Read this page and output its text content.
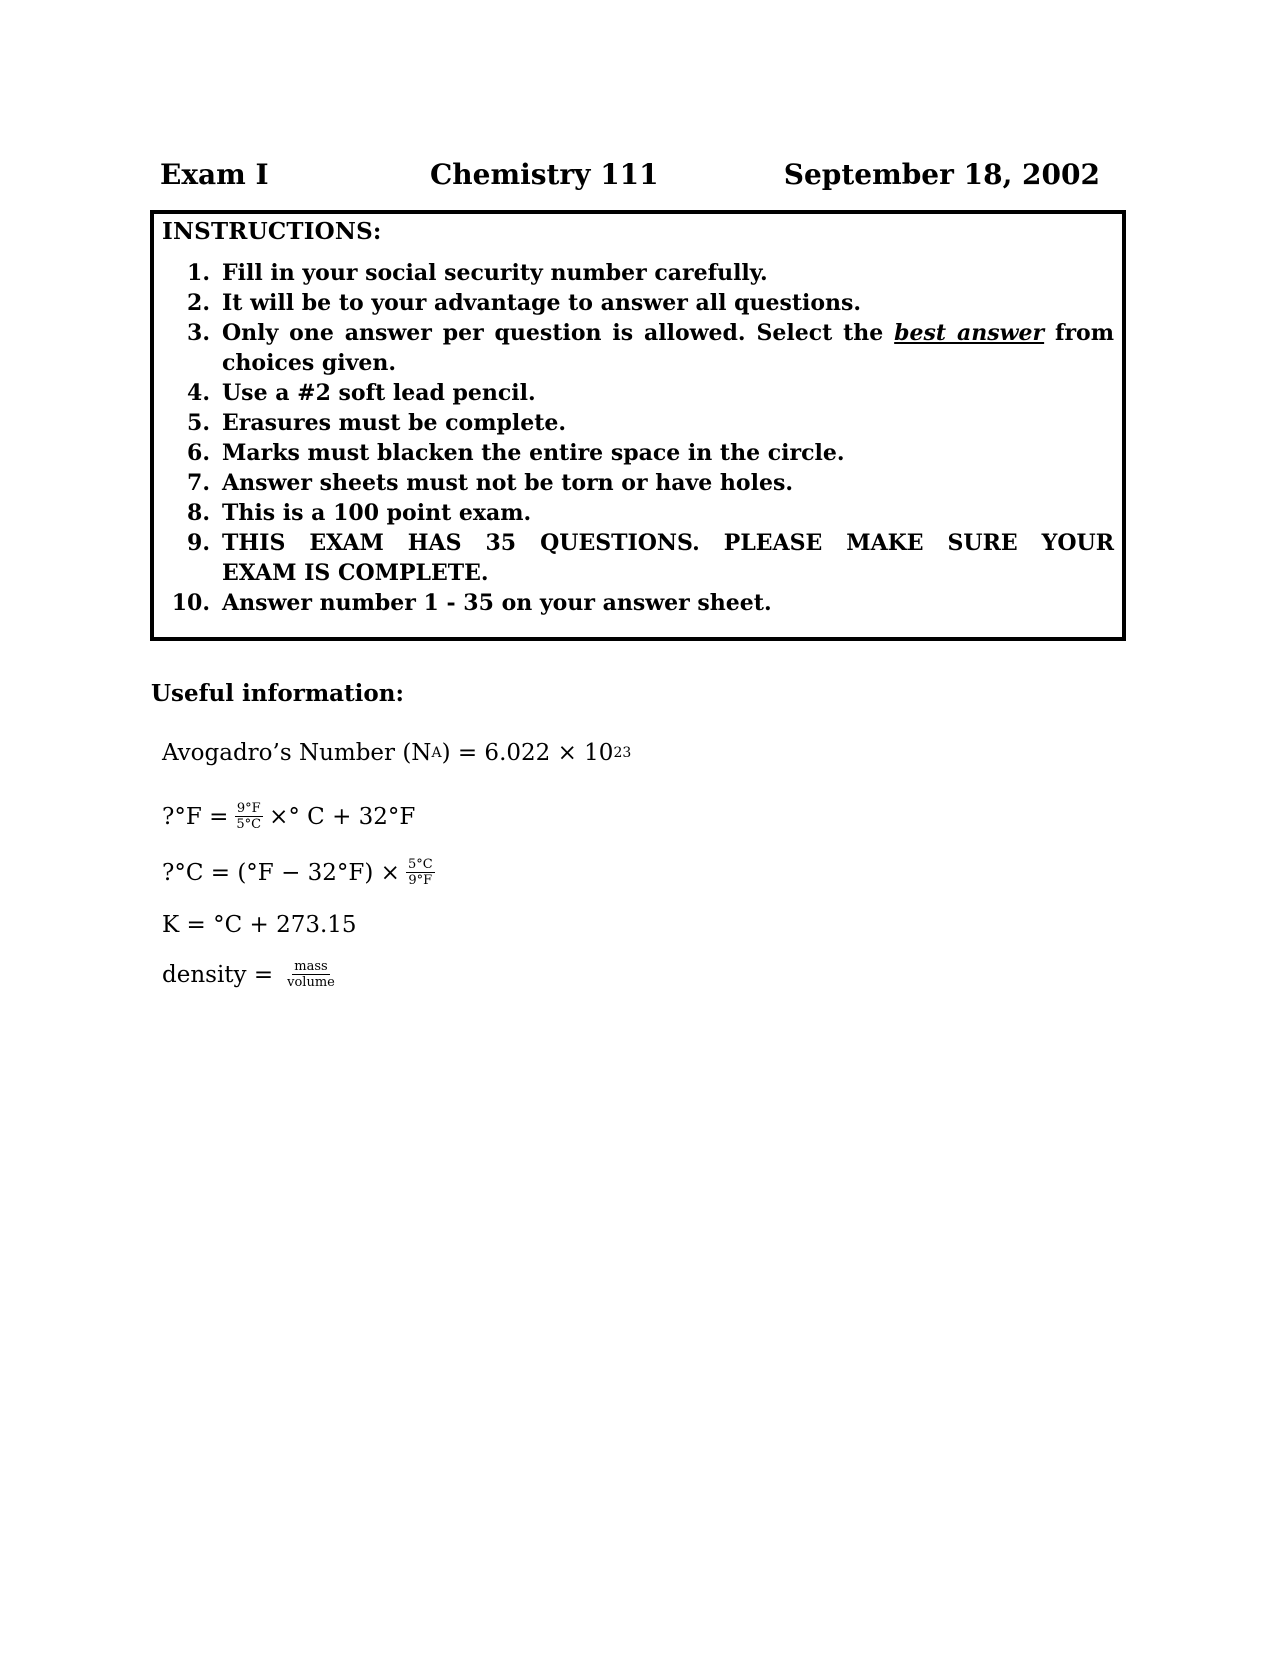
Exam I	Chemistry 111	September 18, 2002
INSTRUCTIONS:
1. Fill in your social security number carefully.
2. It will be to your advantage to answer all questions.
3. Only one answer per question is allowed. Select the best answer from
choices given.
4. Use a #2 soft lead pencil.
5. Erasures must be complete.
6. Marks must blacken the entire space in the circle.
7. Answer sheets must not be torn or have holes.
8. This is a 100 point exam.
9. THIS EXAM HAS 35 QUESTIONS. PLEASE MAKE SURE YOUR
EXAM IS COMPLETE.
10. Answer number 1 - 35 on your answer sheet.
Useful information:
Avogadro’s Number (N A ) = 6.022 × 10 23
?°F = $\frac{9^\circ F}{5^\circ C}$ ×° C + 32°F
?°C = $(^\circ F - 32^\circ F) \times \frac{5^\circ C}{9^\circ F}$
K = °C + 273.15
density = $\frac{\text{mass}}{\text{volume}}$
